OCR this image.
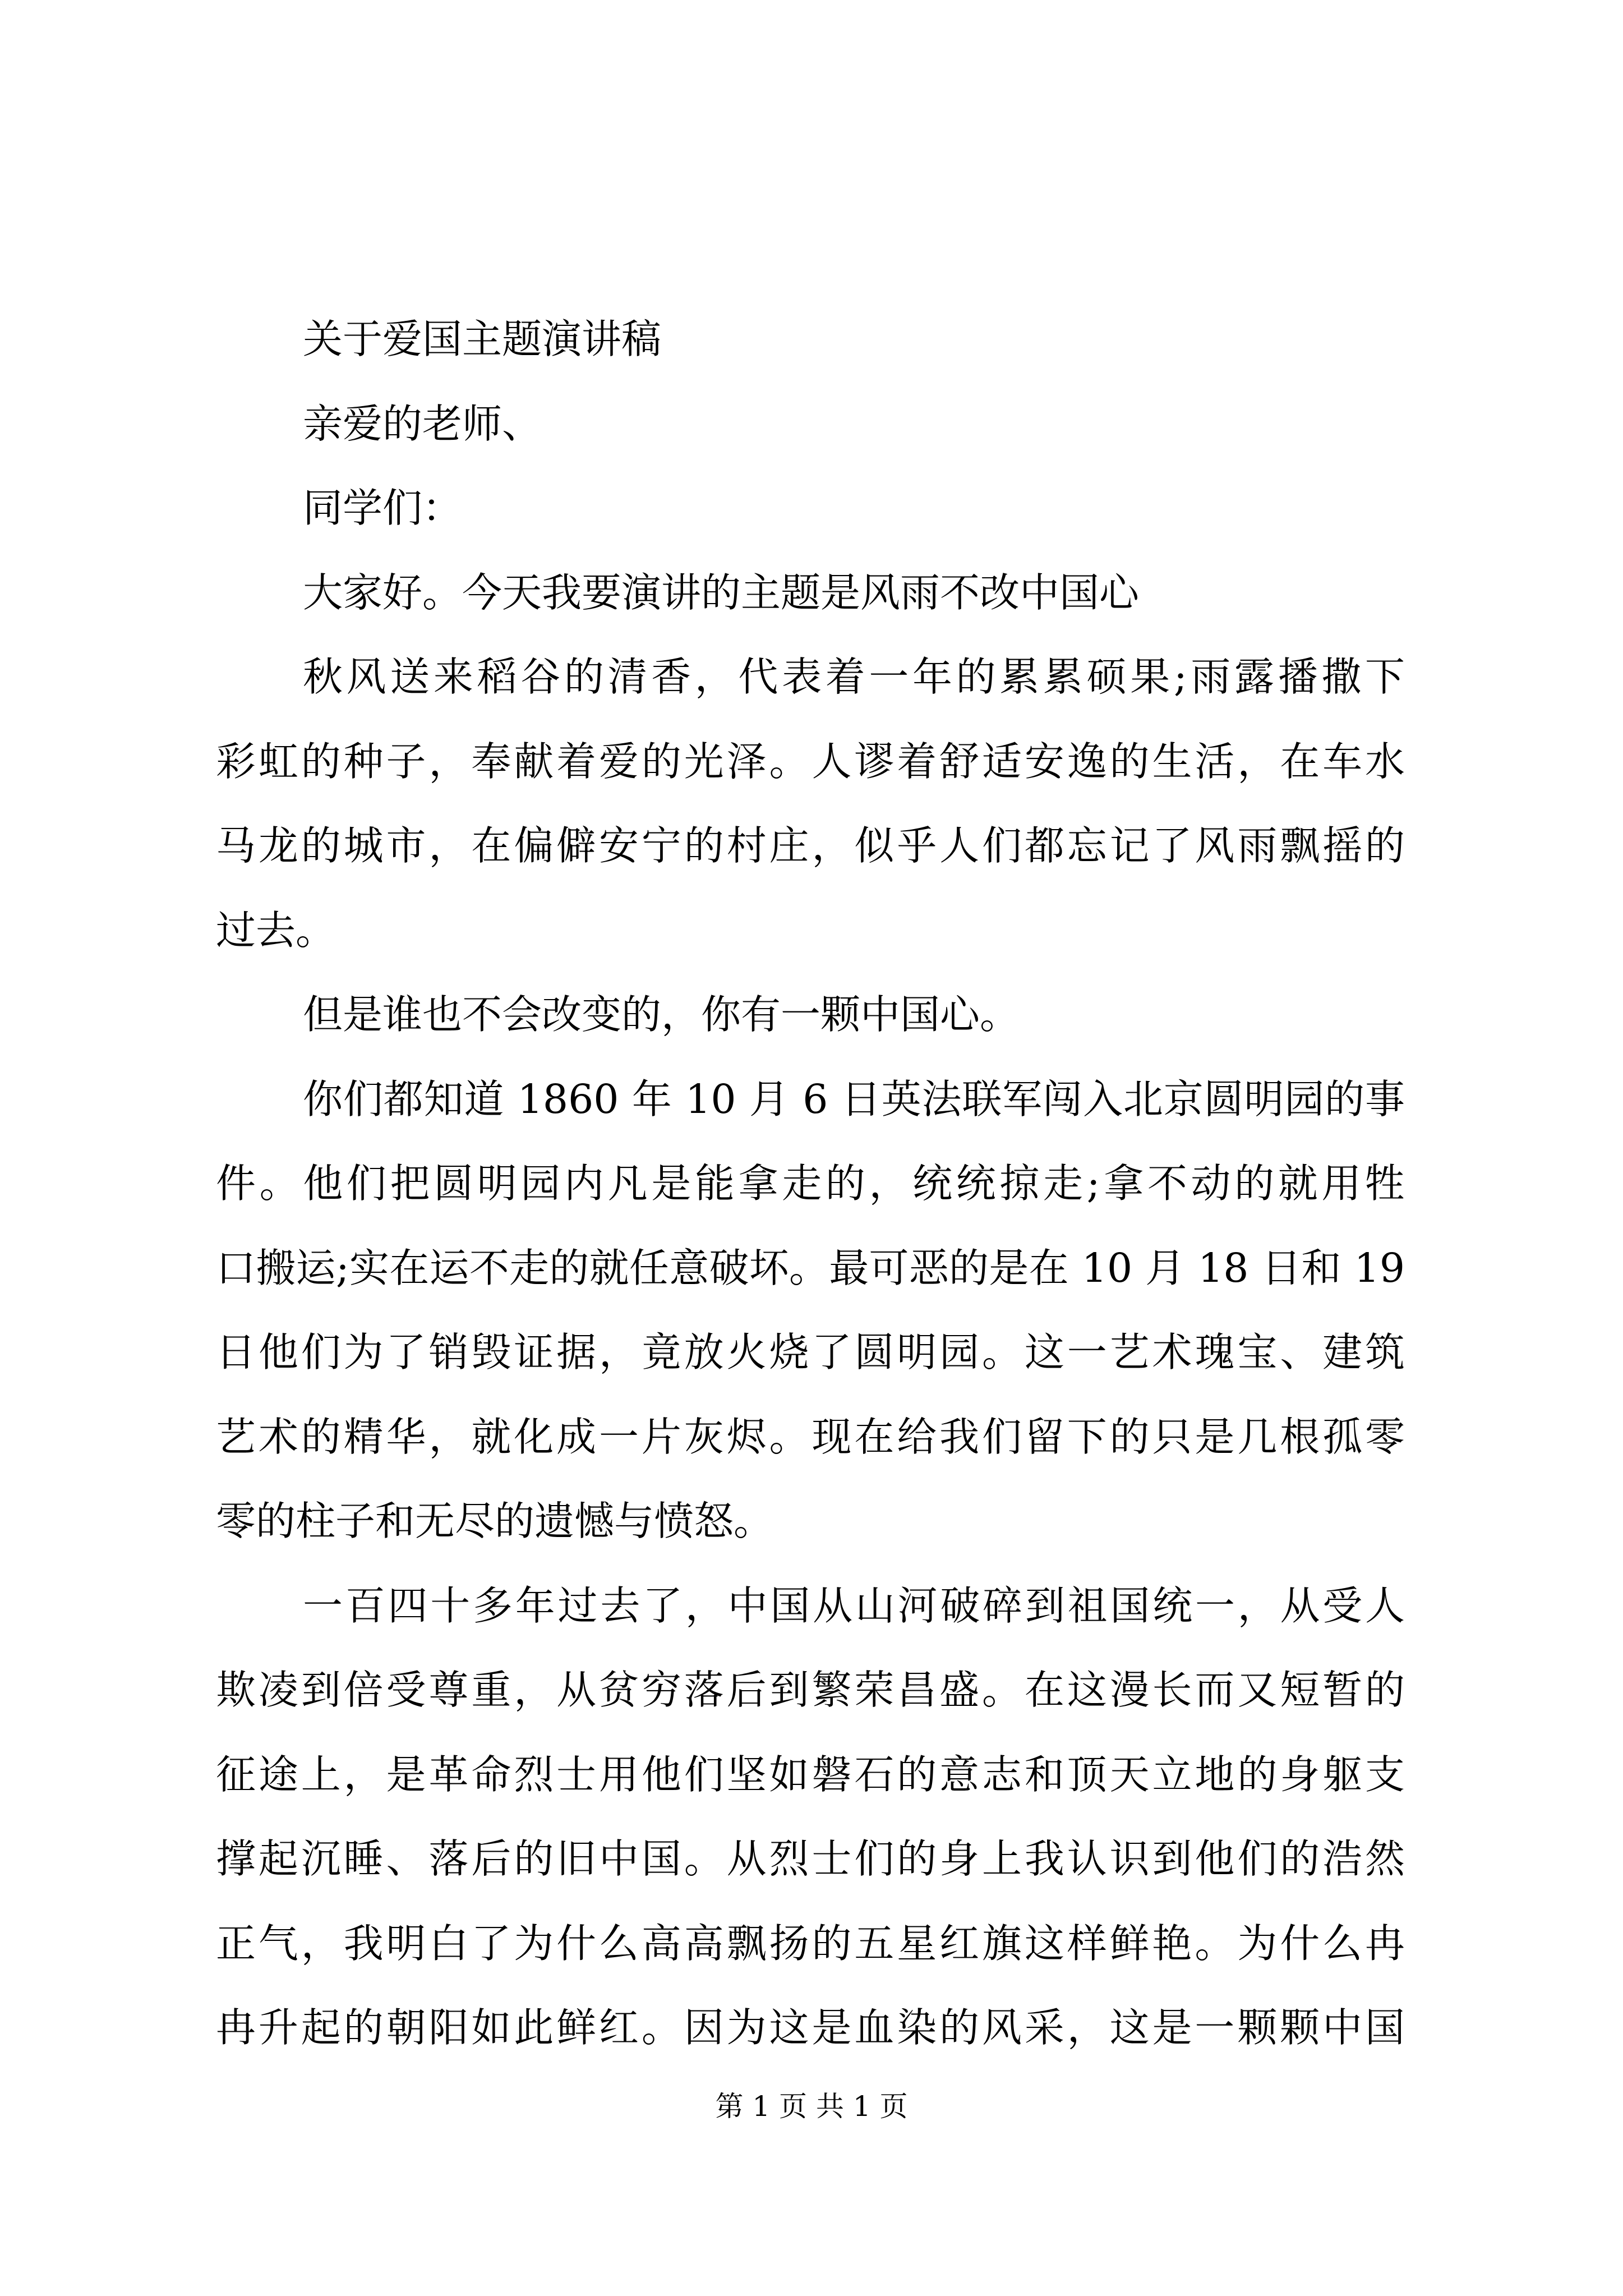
关于爱国主题演讲稿
亲爱的老师、
同学们：
大家好。今天我要演讲的主题是风雨不改中国心
秋风送来稻谷的清香，代表着一年的累累硕果;雨露播撒下
彩虹的种子，奉献着爱的光泽。人谬着舒适安逸的生活，在车水
马龙的城市，在偏僻安宁的村庄，似乎人们都忘记了风雨飘摇的
过去。
但是谁也不会改变的，你有一颗中国心。
你们都知道 1860 年 10 月 6 日英法联军闯入北京圆明园的事
件。他们把圆明园内凡是能拿走的，统统掠走;拿不动的就用牲
口搬运;实在运不走的就任意破坏。最可恶的是在 10 月 18 日和 19
日他们为了销毁证据，竟放火烧了圆明园。这一艺术瑰宝、建筑
艺术的精华，就化成一片灰烬。现在给我们留下的只是几根孤零
零的柱子和无尽的遗憾与愤怒。
一百四十多年过去了，中国从山河破碎到祖国统一，从受人
欺凌到倍受尊重，从贫穷落后到繁荣昌盛。在这漫长而又短暂的
征途上，是革命烈士用他们坚如磐石的意志和顶天立地的身躯支
撑起沉睡、落后的旧中国。从烈士们的身上我认识到他们的浩然
正气，我明白了为什么高高飘扬的五星红旗这样鲜艳。为什么冉
冉升起的朝阳如此鲜红。因为这是血染的风采，这是一颗颗中国
第 1 页 共 1 页
